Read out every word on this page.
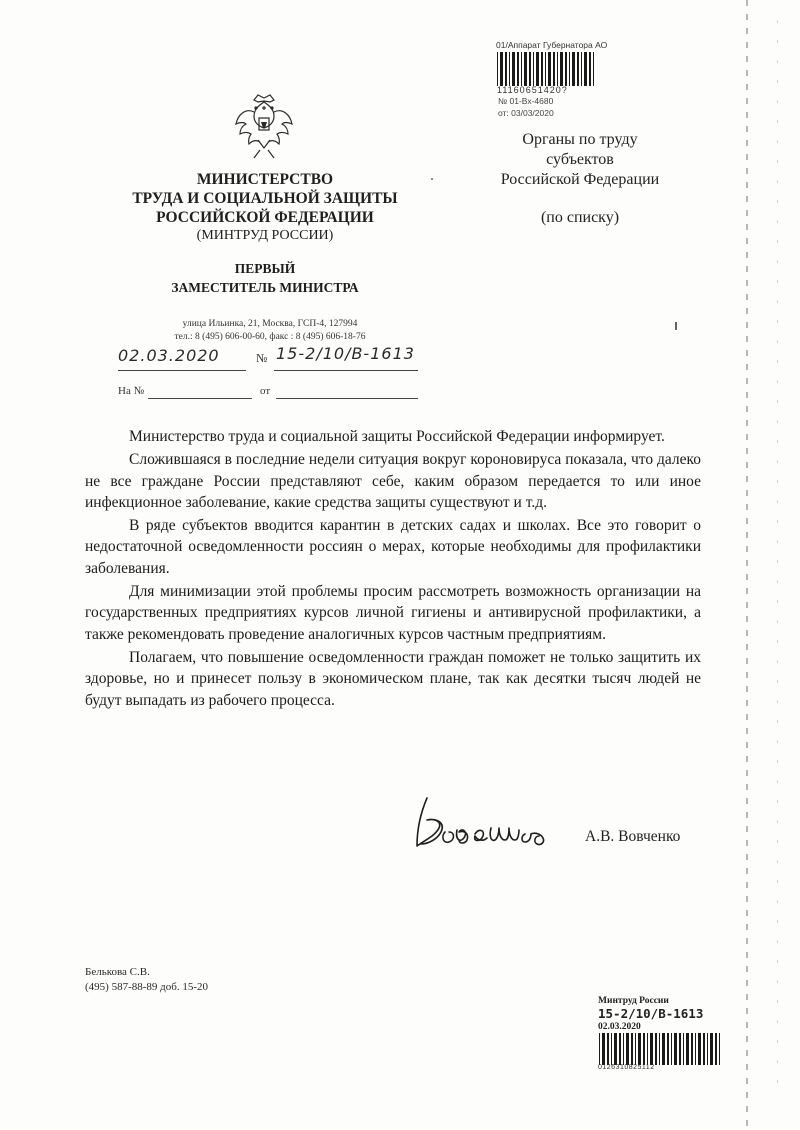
01/Аппарат Губернатора АО
11160651420?
№ 01-Вх-4680
от: 03/03/2020
Органы по труду
субъектов
Российской Федерации
(по списку)
МИНИСТЕРСТВО
ТРУДА И СОЦИАЛЬНОЙ ЗАЩИТЫ
РОССИЙСКОЙ ФЕДЕРАЦИИ
(МИНТРУД РОССИИ)
ПЕРВЫЙ
ЗАМЕСТИТЕЛЬ МИНИСТРА
улица Ильинка, 21, Москва, ГСП-4, 127994
тел.: 8 (495) 606-00-60, факс : 8 (495) 606-18-76
02.03.2020	№ 15-2/10/В-1613
На №	от

Министерство труда и социальной защиты Российской Федерации информирует.

Сложившаяся в последние недели ситуация вокруг короновируса показала, что далеко не все граждане России представляют себе, каким образом передается то или иное инфекционное заболевание, какие средства защиты существуют и т.д.

В ряде субъектов вводится карантин в детских садах и школах. Все это говорит о недостаточной осведомленности россиян о мерах, которые необходимы для профилактики заболевания.

Для минимизации этой проблемы просим рассмотреть возможность организации на государственных предприятиях курсов личной гигиены и антивирусной профилактики, а также рекомендовать проведение аналогичных курсов частным предприятиям.

Полагаем, что повышение осведомленности граждан поможет не только защитить их здоровье, но и принесет пользу в экономическом плане, так как десятки тысяч людей не будут выпадать из рабочего процесса.

А.В. Вовченко
Белькова С.В.
(495) 587-88-89 доб. 15-20
Минтруд России
15-2/10/В-1613
02.03.2020
0126310825112
